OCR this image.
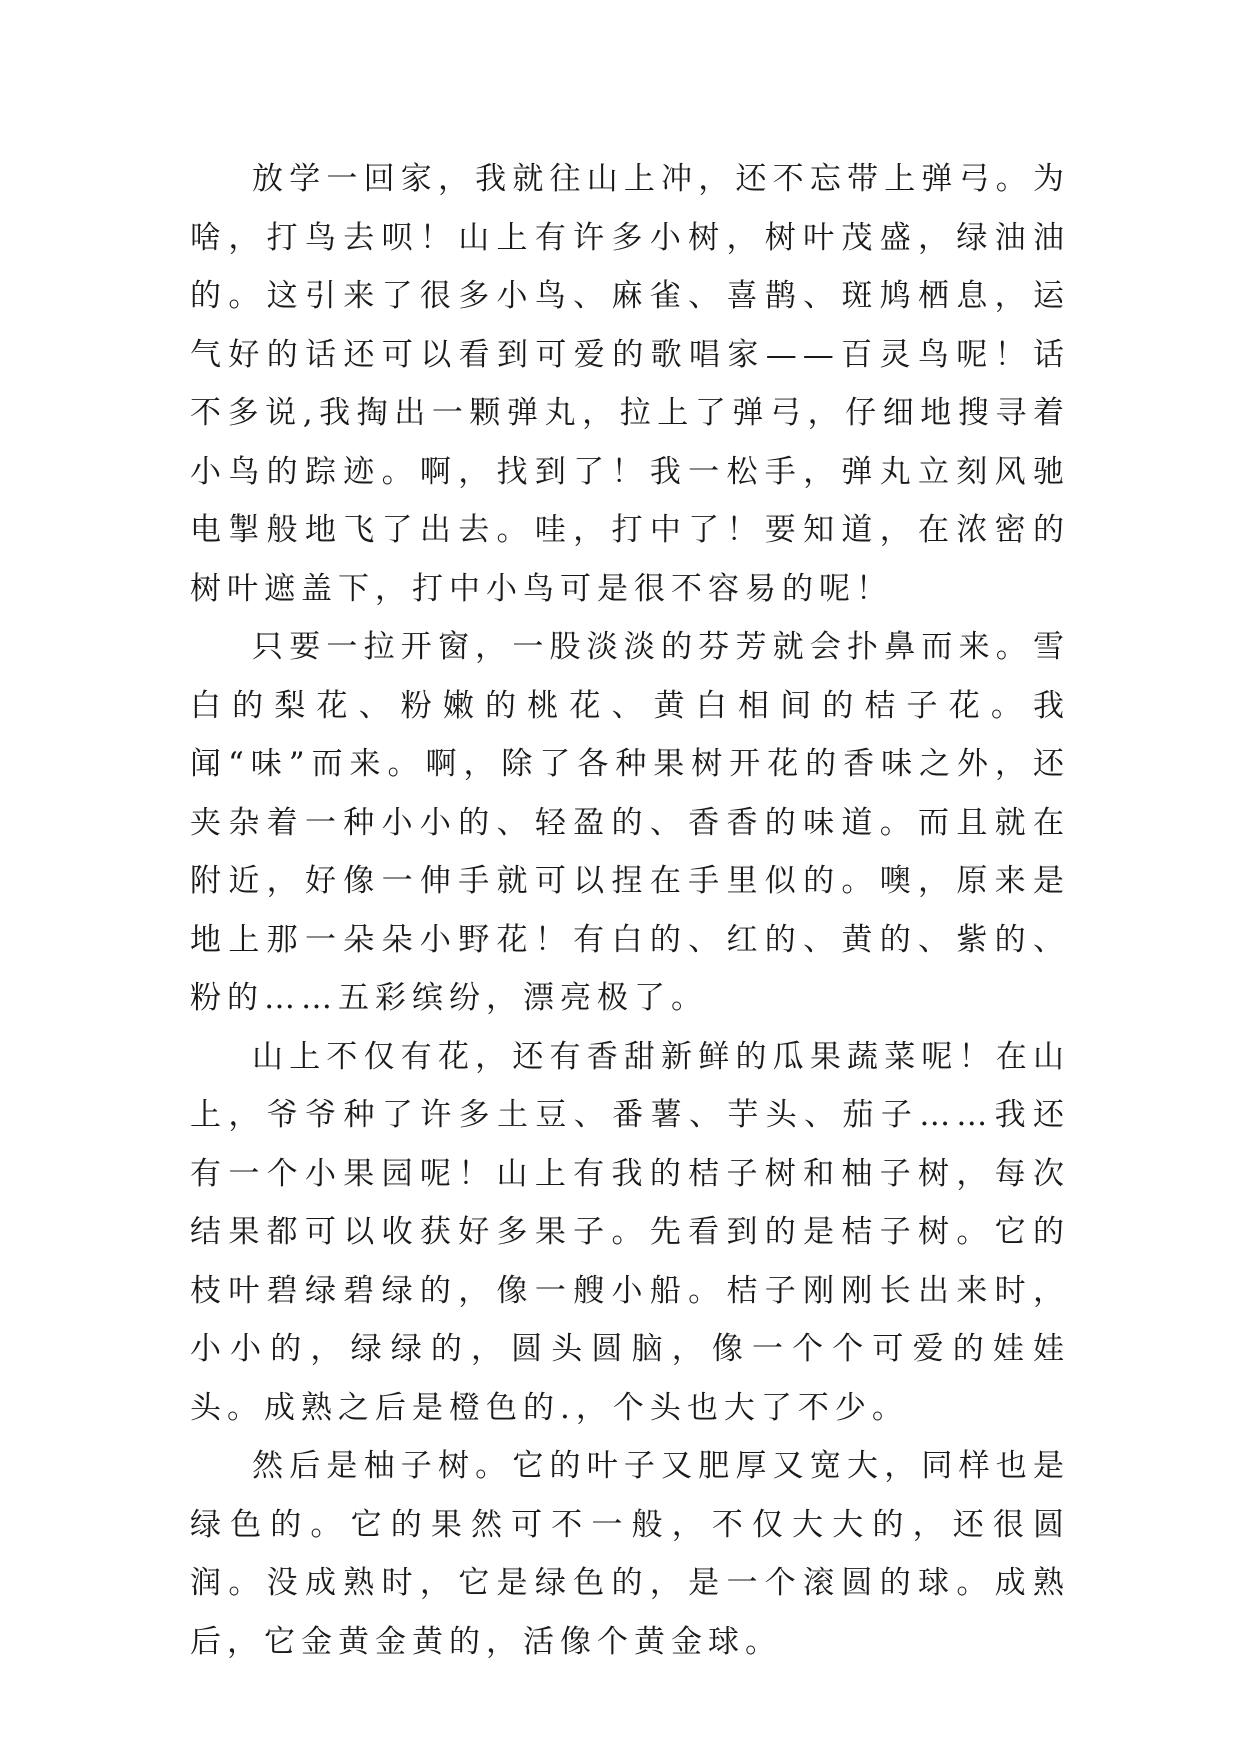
放学一回家，我就往山上冲，还不忘带上弹弓。为啥，打鸟去呗！山上有许多小树，树叶茂盛，绿油油的。这引来了很多小鸟、麻雀、喜鹊、斑鸠栖息，运气好的话还可以看到可爱的歌唱家——百灵鸟呢！话不多说,我掏出一颗弹丸，拉上了弹弓，仔细地搜寻着小鸟的踪迹。啊，找到了！我一松手，弹丸立刻风驰电掣般地飞了出去。哇，打中了！要知道，在浓密的树叶遮盖下，打中小鸟可是很不容易的呢！

只要一拉开窗，一股淡淡的芬芳就会扑鼻而来。雪白的梨花、粉嫩的桃花、黄白相间的桔子花。我闻“味”而来。啊，除了各种果树开花的香味之外，还夹杂着一种小小的、轻盈的、香香的味道。而且就在附近，好像一伸手就可以捏在手里似的。噢，原来是地上那一朵朵小野花！有白的、红的、黄的、紫的、粉的……五彩缤纷，漂亮极了。

山上不仅有花，还有香甜新鲜的瓜果蔬菜呢！在山上，爷爷种了许多土豆、番薯、芋头、茄子……我还有一个小果园呢！山上有我的桔子树和柚子树，每次结果都可以收获好多果子。先看到的是桔子树。它的枝叶碧绿碧绿的，像一艘小船。桔子刚刚长出来时，小小的，绿绿的，圆头圆脑，像一个个可爱的娃娃头。成熟之后是橙色的.，个头也大了不少。

然后是柚子树。它的叶子又肥厚又宽大，同样也是绿色的。它的果然可不一般，不仅大大的，还很圆润。没成熟时，它是绿色的，是一个滚圆的球。成熟后，它金黄金黄的，活像个黄金球。
